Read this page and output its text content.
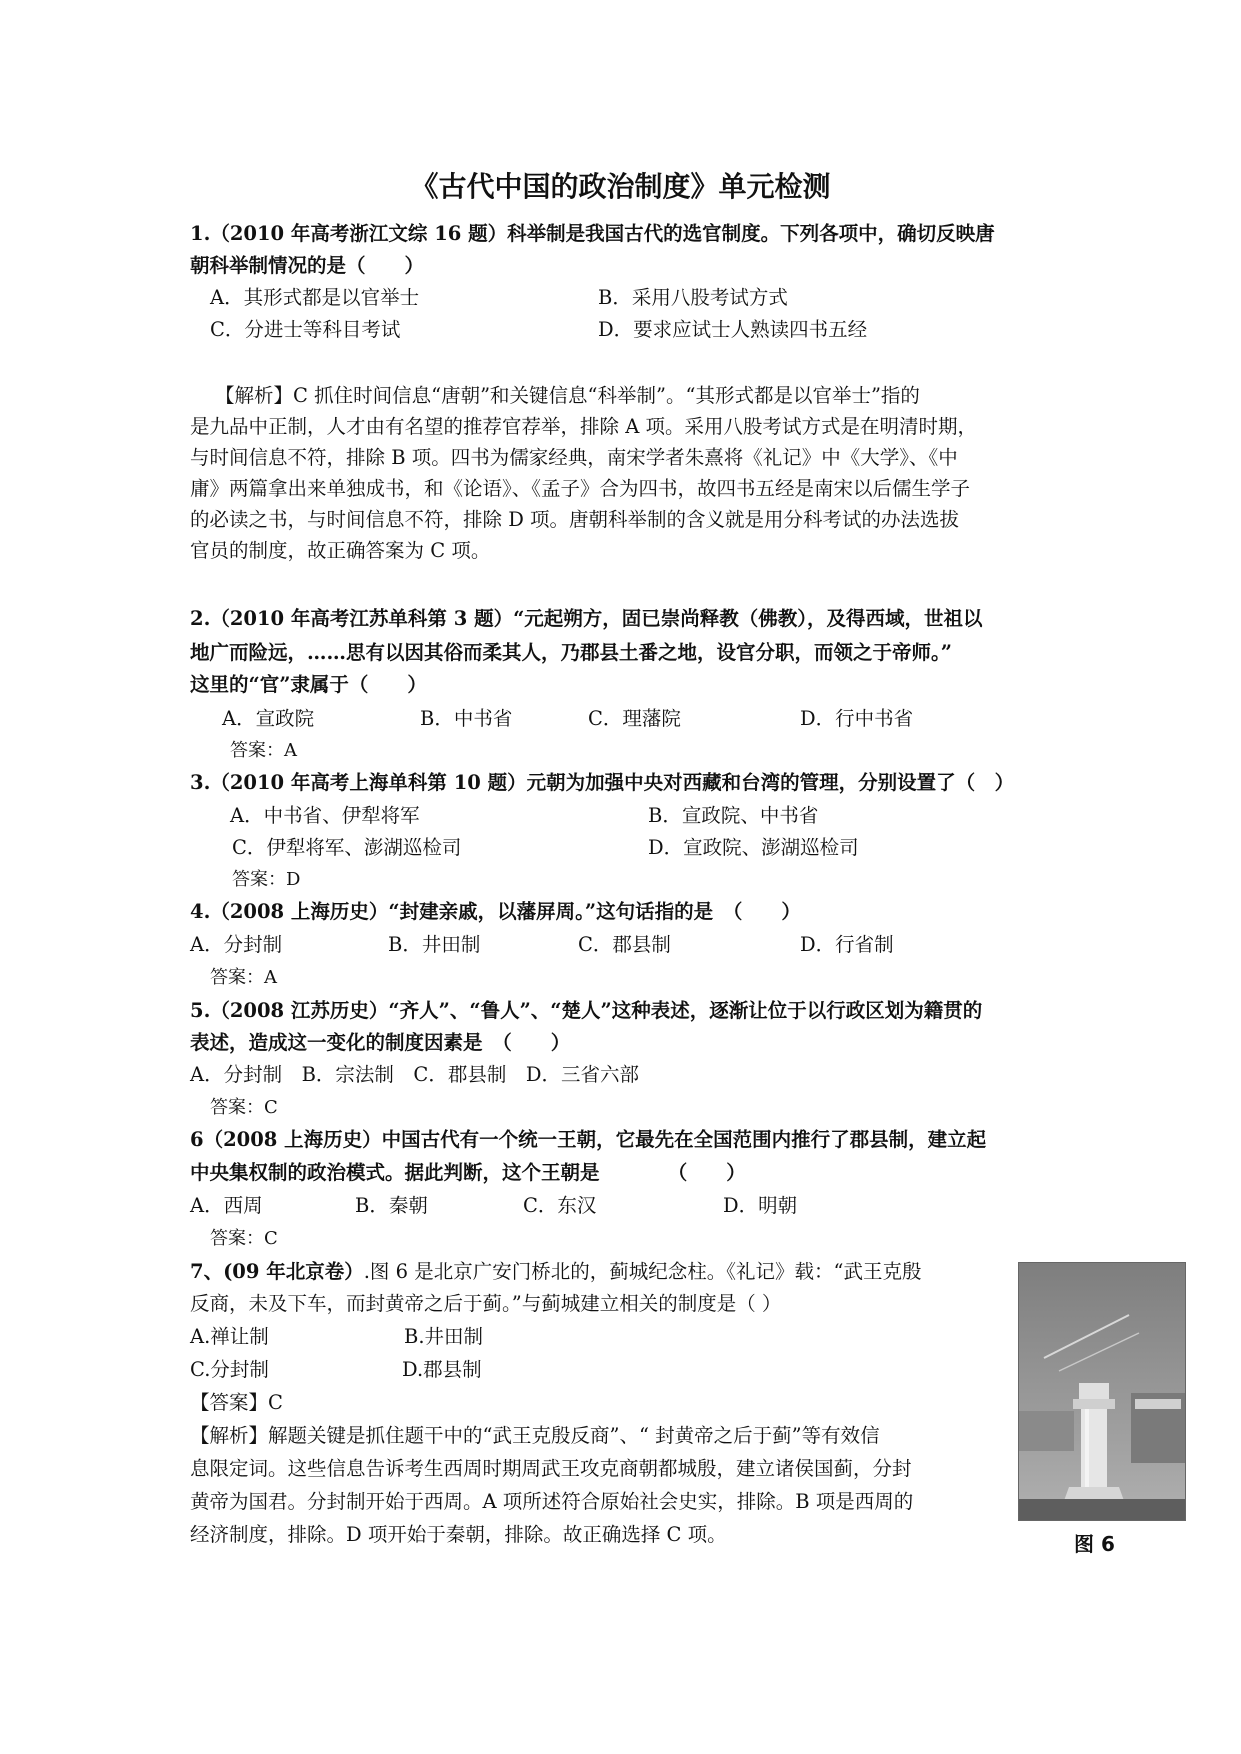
《古代中国的政治制度》单元检测
1.（2010 年高考浙江文综 16 题）科举制是我国古代的选官制度。下列各项中，确切反映唐
朝科举制情况的是（　　）
A．其形式都是以官举士	B．采用八股考试方式
C．分进士等科目考试	D．要求应试士人熟读四书五经
【解析】C 抓住时间信息“唐朝”和关键信息“科举制”。“其形式都是以官举士”指的
是九品中正制，人才由有名望的推荐官荐举，排除 A 项。采用八股考试方式是在明清时期，
与时间信息不符，排除 B 项。四书为儒家经典，南宋学者朱熹将《礼记》中《大学》、《中
庸》两篇拿出来单独成书，和《论语》、《孟子》合为四书，故四书五经是南宋以后儒生学子
的必读之书，与时间信息不符，排除 D 项。唐朝科举制的含义就是用分科考试的办法选拔
官员的制度，故正确答案为 C 项。
2.（2010 年高考江苏单科第 3 题）“元起朔方，固已崇尚释教（佛教），及得西域，世祖以
地广而险远，……思有以因其俗而柔其人，乃郡县土番之地，设官分职，而领之于帝师。”
这里的“官”隶属于（　　）
A．宣政院	B．中书省	C．理藩院	D．行中书省
答案：A
3.（2010 年高考上海单科第 10 题）元朝为加强中央对西藏和台湾的管理，分别设置了（　）
A．中书省、伊犁将军	B．宣政院、中书省
C．伊犁将军、澎湖巡检司	D．宣政院、澎湖巡检司
答案：D
4.（2008 上海历史）“封建亲戚，以藩屏周。”这句话指的是　（　　）
A．分封制	B．井田制	C．郡县制	D．行省制
答案：A
5.（2008 江苏历史）“齐人”、“鲁人”、“楚人”这种表述，逐渐让位于以行政区划为籍贯的
表述，造成这一变化的制度因素是　（　　）
A．分封制　B．宗法制　C．郡县制　D．三省六部
答案：C
6（2008 上海历史）中国古代有一个统一王朝，它最先在全国范围内推行了郡县制，建立起
中央集权制的政治模式。据此判断，这个王朝是　　　　（　　）
A．西周	B．秦朝	C．东汉	D．明朝
答案：C
7、(09 年北京卷）.图 6 是北京广安门桥北的，蓟城纪念柱。《礼记》载：“武王克殷
反商，未及下车，而封黄帝之后于蓟。”与蓟城建立相关的制度是（ ）
A.禅让制	B.井田制
C.分封制	D.郡县制
【答案】C
【解析】解题关键是抓住题干中的“武王克殷反商”、“ 封黄帝之后于蓟”等有效信
息限定词。这些信息告诉考生西周时期周武王攻克商朝都城殷，建立诸侯国蓟，分封
黄帝为国君。分封制开始于西周。A 项所述符合原始社会史实，排除。B 项是西周的
经济制度，排除。D 项开始于秦朝，排除。故正确选择 C 项。	图 6
